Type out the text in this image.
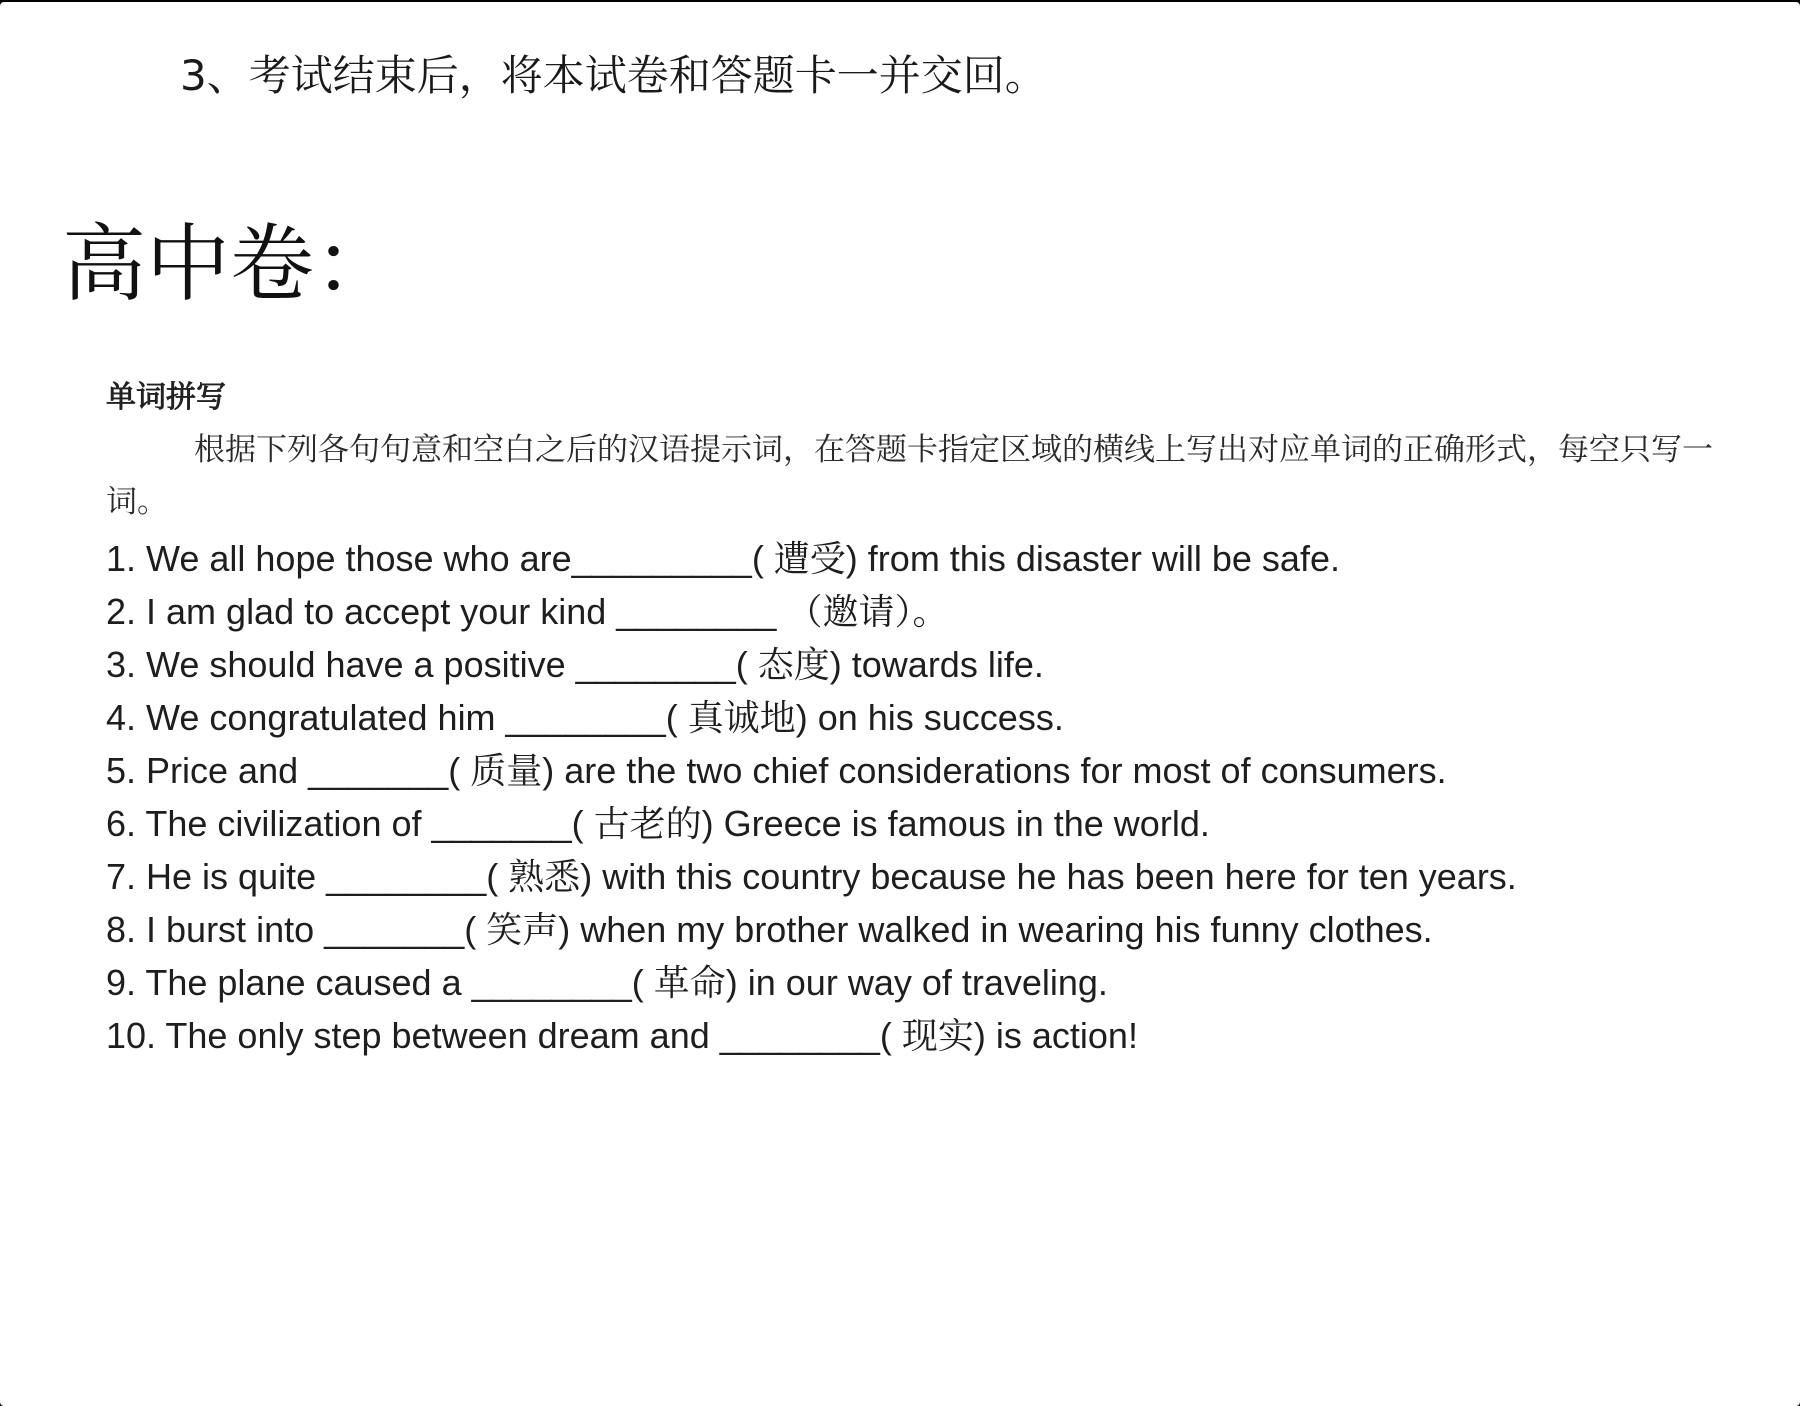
3、考试结束后，将本试卷和答题卡一并交回。
高中卷：
单词拼写
根据下列各句句意和空白之后的汉语提示词，在答题卡指定区域的横线上写出对应单词的正确形式，每空只写一词。
1. We all hope those who are_________( 遭受) from this disaster will be safe.
2. I am glad to accept your kind ________ （邀请）。
3. We should have a positive ________( 态度) towards life.
4. We congratulated him ________( 真诚地) on his success.
5. Price and _______( 质量) are the two chief considerations for most of consumers.
6. The civilization of _______( 古老的) Greece is famous in the world.
7. He is quite ________( 熟悉) with this country because he has been here for ten years.
8. I burst into _______( 笑声) when my brother walked in wearing his funny clothes.
9. The plane caused a ________( 革命) in our way of traveling.
10. The only step between dream and ________( 现实) is action!
